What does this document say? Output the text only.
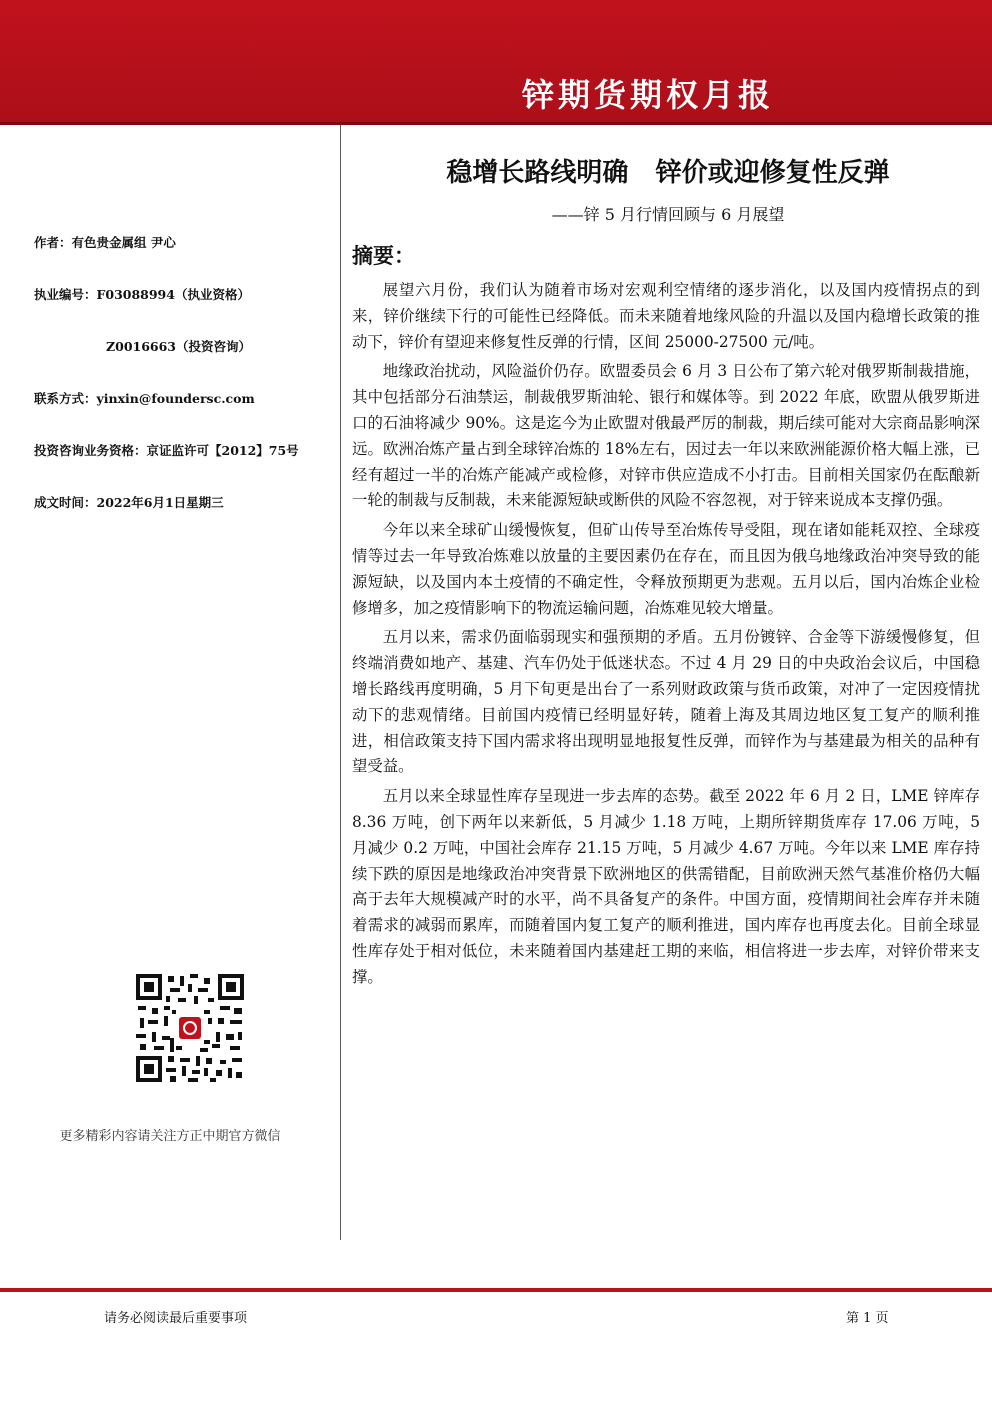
锌期货期权月报
稳增长路线明确   锌价或迎修复性反弹
——锌 5 月行情回顾与 6 月展望
作者：有色贵金属组 尹心
执业编号：F03088994（执业资格）
Z0016663（投资咨询）
联系方式：yinxin@foundersc.com
投资咨询业务资格：京证监许可【2012】75号
成文时间：2022年6月1日星期三
更多精彩内容请关注方正中期官方微信
摘要：

展望六月份，我们认为随着市场对宏观利空情绪的逐步消化，以及国内疫情拐点的到来，锌价继续下行的可能性已经降低。而未来随着地缘风险的升温以及国内稳增长政策的推动下，锌价有望迎来修复性反弹的行情，区间 25000-27500 元/吨。

地缘政治扰动，风险溢价仍存。欧盟委员会 6 月 3 日公布了第六轮对俄罗斯制裁措施，其中包括部分石油禁运，制裁俄罗斯油轮、银行和媒体等。到 2022 年底，欧盟从俄罗斯进口的石油将减少 90%。这是迄今为止欧盟对俄最严厉的制裁，期后续可能对大宗商品影响深远。欧洲冶炼产量占到全球锌冶炼的 18%左右，因过去一年以来欧洲能源价格大幅上涨，已经有超过一半的冶炼产能减产或检修，对锌市供应造成不小打击。目前相关国家仍在酝酿新一轮的制裁与反制裁，未来能源短缺或断供的风险不容忽视，对于锌来说成本支撑仍强。

今年以来全球矿山缓慢恢复，但矿山传导至冶炼传导受阻，现在诸如能耗双控、全球疫情等过去一年导致冶炼难以放量的主要因素仍在存在，而且因为俄乌地缘政治冲突导致的能源短缺，以及国内本土疫情的不确定性，令释放预期更为悲观。五月以后，国内冶炼企业检修增多，加之疫情影响下的物流运输问题，冶炼难见较大增量。

五月以来，需求仍面临弱现实和强预期的矛盾。五月份镀锌、合金等下游缓慢修复，但终端消费如地产、基建、汽车仍处于低迷状态。不过 4 月 29 日的中央政治会议后，中国稳增长路线再度明确，5 月下旬更是出台了一系列财政政策与货币政策，对冲了一定因疫情扰动下的悲观情绪。目前国内疫情已经明显好转，随着上海及其周边地区复工复产的顺利推进，相信政策支持下国内需求将出现明显地报复性反弹，而锌作为与基建最为相关的品种有望受益。

五月以来全球显性库存呈现进一步去库的态势。截至 2022 年 6 月 2 日，LME 锌库存 8.36 万吨，创下两年以来新低，5 月减少 1.18 万吨，上期所锌期货库存 17.06 万吨，5 月减少 0.2 万吨，中国社会库存 21.15 万吨，5 月减少 4.67 万吨。今年以来 LME 库存持续下跌的原因是地缘政治冲突背景下欧洲地区的供需错配，目前欧洲天然气基准价格仍大幅高于去年大规模减产时的水平，尚不具备复产的条件。中国方面，疫情期间社会库存并未随着需求的减弱而累库，而随着国内复工复产的顺利推进，国内库存也再度去化。目前全球显性库存处于相对低位，未来随着国内基建赶工期的来临，相信将进一步去库，对锌价带来支撑。

请务必阅读最后重要事项	第 1 页
